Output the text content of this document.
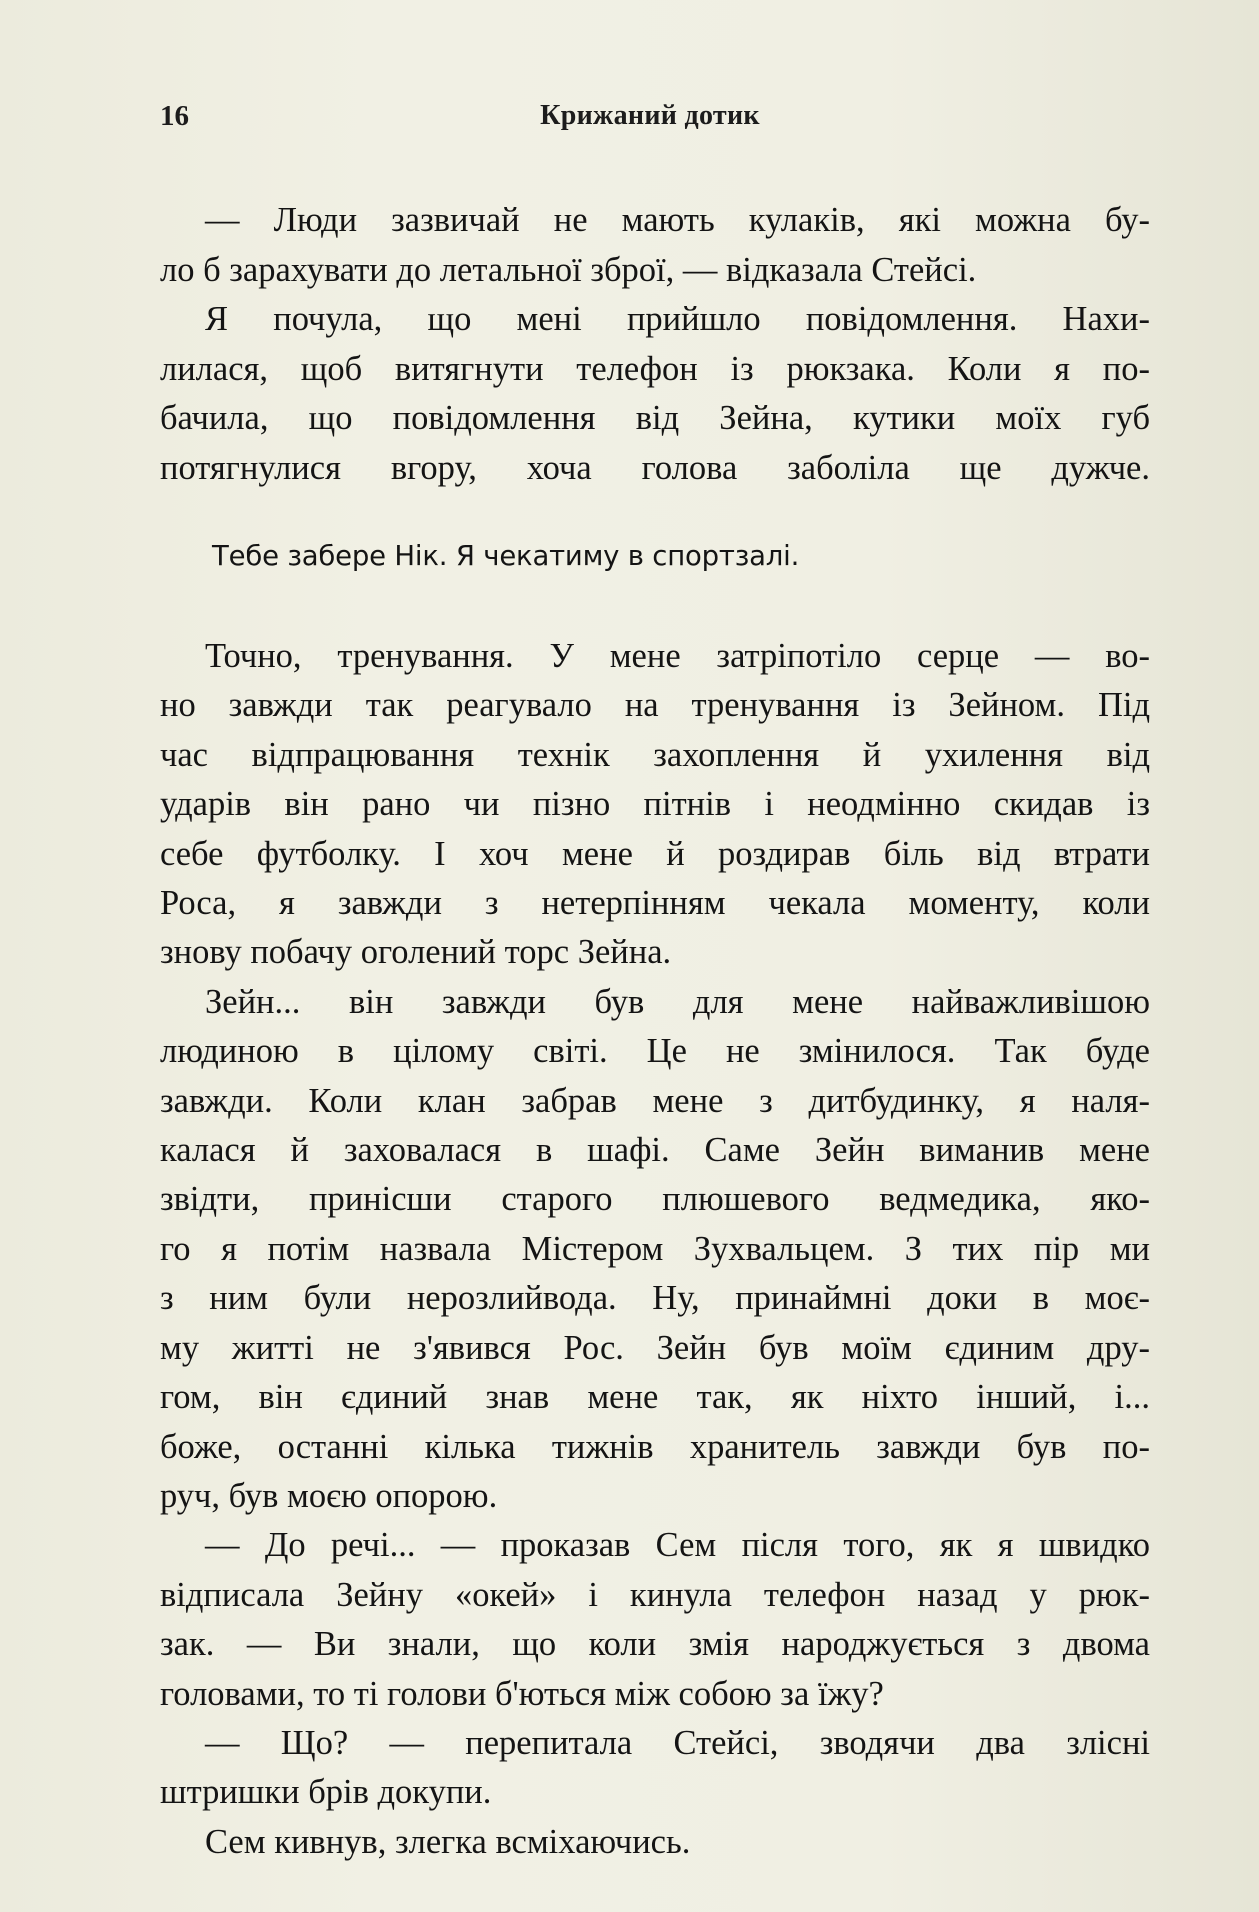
16	Крижаний дотик
— Люди зазвичай не мають кулаків, які можна бу-
ло б зарахувати до летальної зброї, — відказала Стейсі.
Я почула, що мені прийшло повідомлення. Нахи-
лилася, щоб витягнути телефон із рюкзака. Коли я по-
бачила, що повідомлення від Зейна, кутики моїх губ
потягнулися вгору, хоча голова заболіла ще дужче.
Тебе забере Нік. Я чекатиму в спортзалі.
Точно, тренування. У мене затріпотіло серце — во-
но завжди так реагувало на тренування із Зейном. Під
час відпрацювання технік захоплення й ухилення від
ударів він рано чи пізно пітнів і неодмінно скидав із
себе футболку. І хоч мене й роздирав біль від втрати
Роса, я завжди з нетерпінням чекала моменту, коли
знову побачу оголений торс Зейна.
Зейн... він завжди був для мене найважливішою
людиною в цілому світі. Це не змінилося. Так буде
завжди. Коли клан забрав мене з дитбудинку, я наля-
калася й заховалася в шафі. Саме Зейн виманив мене
звідти, принісши старого плюшевого ведмедика, яко-
го я потім назвала Містером Зухвальцем. З тих пір ми
з ним були нерозлийвода. Ну, принаймні доки в моє-
му житті не з'явився Рос. Зейн був моїм єдиним дру-
гом, він єдиний знав мене так, як ніхто інший, і...
боже, останні кілька тижнів хранитель завжди був по-
руч, був моєю опорою.
— До речі... — проказав Сем після того, як я швидко
відписала Зейну «окей» і кинула телефон назад у рюк-
зак. — Ви знали, що коли змія народжується з двома
головами, то ті голови б'ються між собою за їжу?
— Що? — перепитала Стейсі, зводячи два злісні
штришки брів докупи.
Сем кивнув, злегка всміхаючись.
